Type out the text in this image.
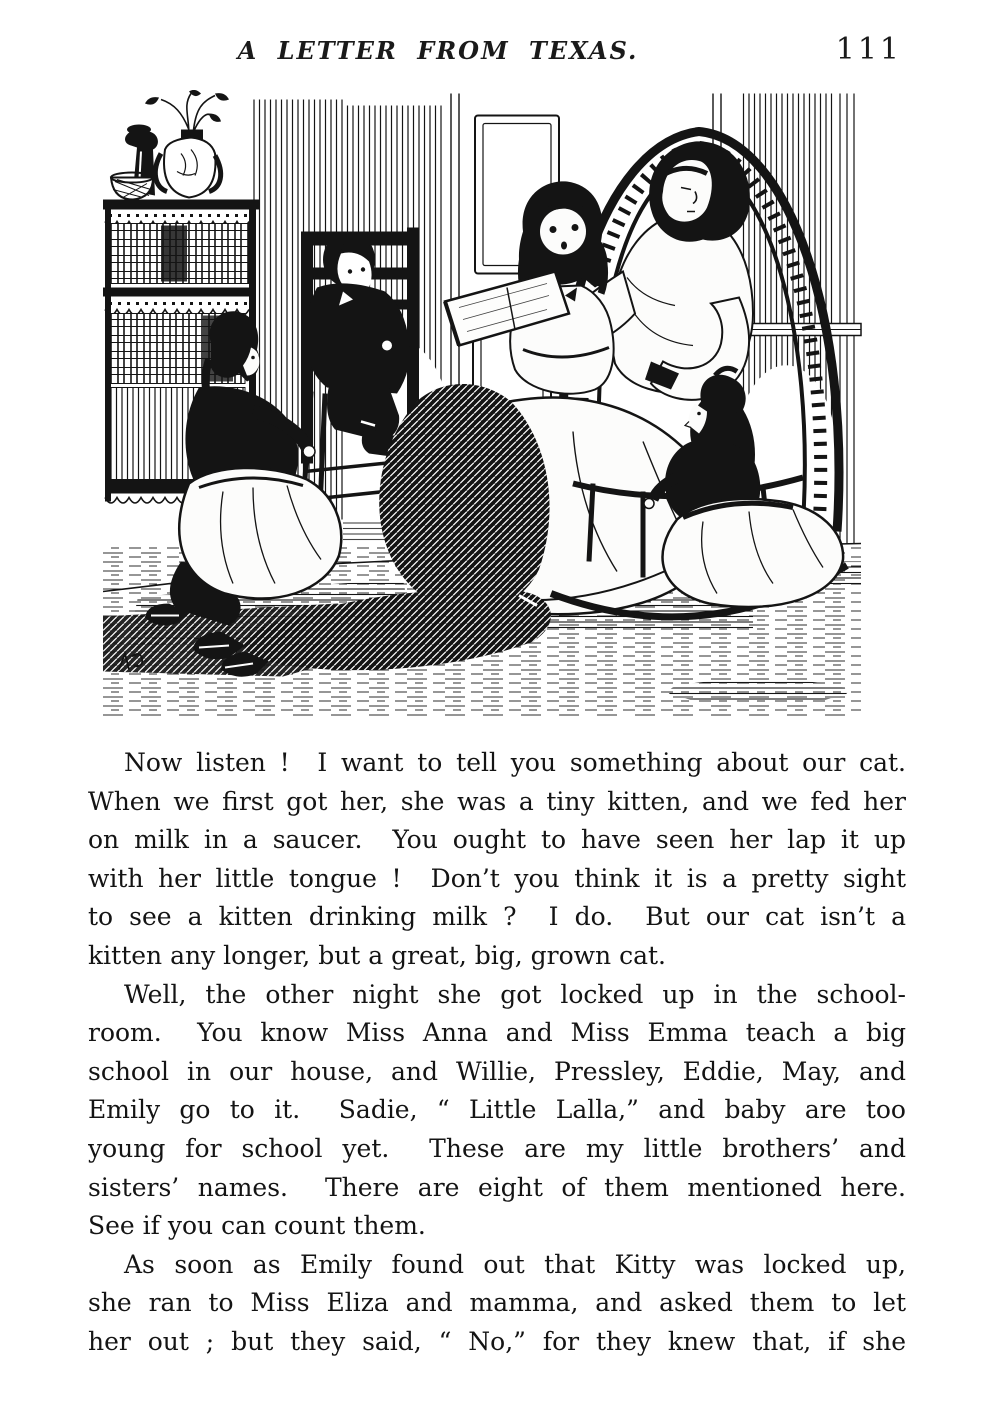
A LETTER FROM TEXAS.	111
Now listen !  I want to tell you something about our cat.
When we first got her, she was a tiny kitten, and we fed her
on milk in a saucer.  You ought to have seen her lap it up
with her little tongue !  Don’t you think it is a pretty sight
to see a kitten drinking milk ?  I do.  But our cat isn’t a
kitten any longer, but a great, big, grown cat.
Well, the other night she got locked up in the school-
room.  You know Miss Anna and Miss Emma teach a big
school in our house, and Willie, Pressley, Eddie, May, and
Emily go to it.  Sadie, “ Little Lalla,” and baby are too
young for school yet.  These are my little brothers’ and
sisters’ names.  There are eight of them mentioned here.
See if you can count them.
As soon as Emily found out that Kitty was locked up,
she ran to Miss Eliza and mamma, and asked them to let
her out ; but they said, “ No,” for they knew that, if she
